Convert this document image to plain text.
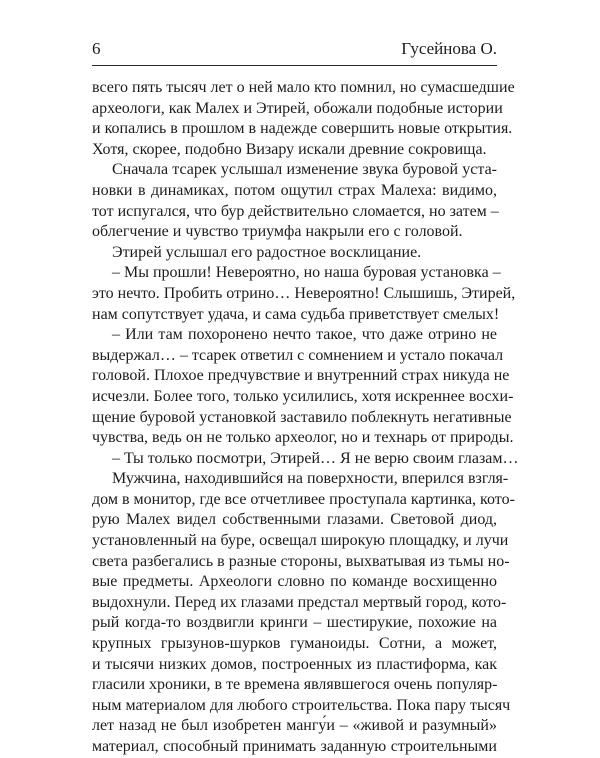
6	Гусейнова О.
всего пять тысяч лет о ней мало кто помнил, но сумасшедшие
археологи, как Малех и Этирей, обожали подобные истории
и копались в прошлом в надежде совершить новые открытия.
Хотя, скорее, подобно Визару искали древние сокровища.
Сначала тсарек услышал изменение звука буровой уста-
новки в динамиках, потом ощутил страх Малеха: видимо,
тот испугался, что бур действительно сломается, но затем –
облегчение и чувство триумфа накрыли его с головой.
Этирей услышал его радостное восклицание.
– Мы прошли! Невероятно, но наша буровая установка –
это нечто. Пробить отрино… Невероятно! Слышишь, Этирей,
нам сопутствует удача, и сама судьба приветствует смелых!
– Или там похоронено нечто такое, что даже отрино не
выдержал… – тсарек ответил с сомнением и устало покачал
головой. Плохое предчувствие и внутренний страх никуда не
исчезли. Более того, только усилились, хотя искреннее восхи-
щение буровой установкой заставило поблекнуть негативные
чувства, ведь он не только археолог, но и технарь от природы.
– Ты только посмотри, Этирей… Я не верю своим глазам…
Мужчина, находившийся на поверхности, вперился взгля-
дом в монитор, где все отчетливее проступала картинка, кото-
рую Малех видел собственными глазами. Световой диод,
установленный на буре, освещал широкую площадку, и лучи
света разбегались в разные стороны, выхватывая из тьмы но-
вые предметы. Археологи словно по команде восхищенно
выдохнули. Перед их глазами предстал мертвый город, кото-
рый когда-то воздвигли кринги – шестирукие, похожие на
крупных грызунов-шурков гуманоиды. Сотни, а может,
и тысячи низких домов, построенных из пластиформа, как
гласили хроники, в те времена являвшегося очень популяр-
ным материалом для любого строительства. Пока пару тысяч
лет назад не был изобретен мангу́и – «живой и разумный»
материал, способный принимать заданную строительными
